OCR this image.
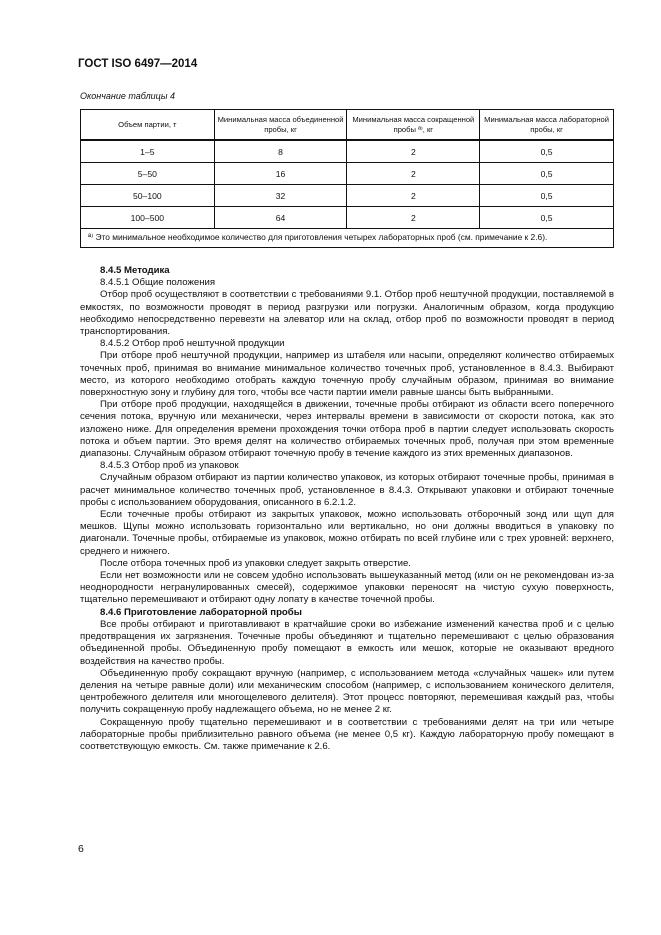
ГОСТ ISO 6497—2014
Окончание таблицы 4
Объем партии, т	Минимальная масса объединенной пробы, кг	Минимальная масса сокращенной пробы ª⁾, кг	Минимальная масса лабораторной пробы, кг
1–5	8	2	0,5
5–50	16	2	0,5
50–100	32	2	0,5
100–500	64	2	0,5
ª⁾ Это минимальное необходимое количество для приготовления четырех лабораторных проб (см. примечание к 2.6).			

8.4.5 Методика

8.4.5.1 Общие положения

Отбор проб осуществляют в соответствии с требованиями 9.1. Отбор проб нештучной продукции, поставляемой в емкостях, по возможности проводят в период разгрузки или погрузки. Аналогичным образом, когда продукцию необходимо непосредственно перевезти на элеватор или на склад, отбор проб по возможности проводят в период транспортирования.

8.4.5.2 Отбор проб нештучной продукции

При отборе проб нештучной продукции, например из штабеля или насыпи, определяют количество отбираемых точечных проб, принимая во внимание минимальное количество точечных проб, установленное в 8.4.3. Выбирают место, из которого необходимо отобрать каждую точечную пробу случайным образом, принимая во внимание поверхностную зону и глубину для того, чтобы все части партии имели равные шансы быть выбранными.

При отборе проб продукции, находящейся в движении, точечные пробы отбирают из области всего поперечного сечения потока, вручную или механически, через интервалы времени в зависимости от скорости потока, как это изложено ниже. Для определения времени прохождения точки отбора проб в партии следует использовать скорость потока и объем партии. Это время делят на количество отбираемых точечных проб, получая при этом временные диапазоны. Случайным образом отбирают точечную пробу в течение каждого из этих временных диапазонов.

8.4.5.3 Отбор проб из упаковок

Случайным образом отбирают из партии количество упаковок, из которых отбирают точечные пробы, принимая в расчет минимальное количество точечных проб, установленное в 8.4.3. Открывают упаковки и отбирают точечные пробы с использованием оборудования, описанного в 6.2.1.2.

Если точечные пробы отбирают из закрытых упаковок, можно использовать отборочный зонд или щуп для мешков. Щупы можно использовать горизонтально или вертикально, но они должны вводиться в упаковку по диагонали. Точечные пробы, отбираемые из упаковок, можно отбирать по всей глубине или с трех уровней: верхнего, среднего и нижнего.

После отбора точечных проб из упаковки следует закрыть отверстие.

Если нет возможности или не совсем удобно использовать вышеуказанный метод (или он не рекомендован из-за неоднородности негранулированных смесей), содержимое упаковки переносят на чистую сухую поверхность, тщательно перемешивают и отбирают одну лопату в качестве точечной пробы.

8.4.6 Приготовление лабораторной пробы

Все пробы отбирают и приготавливают в кратчайшие сроки во избежание изменений качества проб и с целью предотвращения их загрязнения. Точечные пробы объединяют и тщательно перемешивают с целью образования объединенной пробы. Объединенную пробу помещают в емкость или мешок, которые не оказывают вредного воздействия на качество пробы.

Объединенную пробу сокращают вручную (например, с использованием метода «случайных чашек» или путем деления на четыре равные доли) или механическим способом (например, с использованием конического делителя, центробежного делителя или многощелевого делителя). Этот процесс повторяют, перемешивая каждый раз, чтобы получить сокращенную пробу надлежащего объема, но не менее 2 кг.

Сокращенную пробу тщательно перемешивают и в соответствии с требованиями делят на три или четыре лабораторные пробы приблизительно равного объема (не менее 0,5 кг). Каждую лабораторную пробу помещают в соответствующую емкость. См. также примечание к 2.6.

6
